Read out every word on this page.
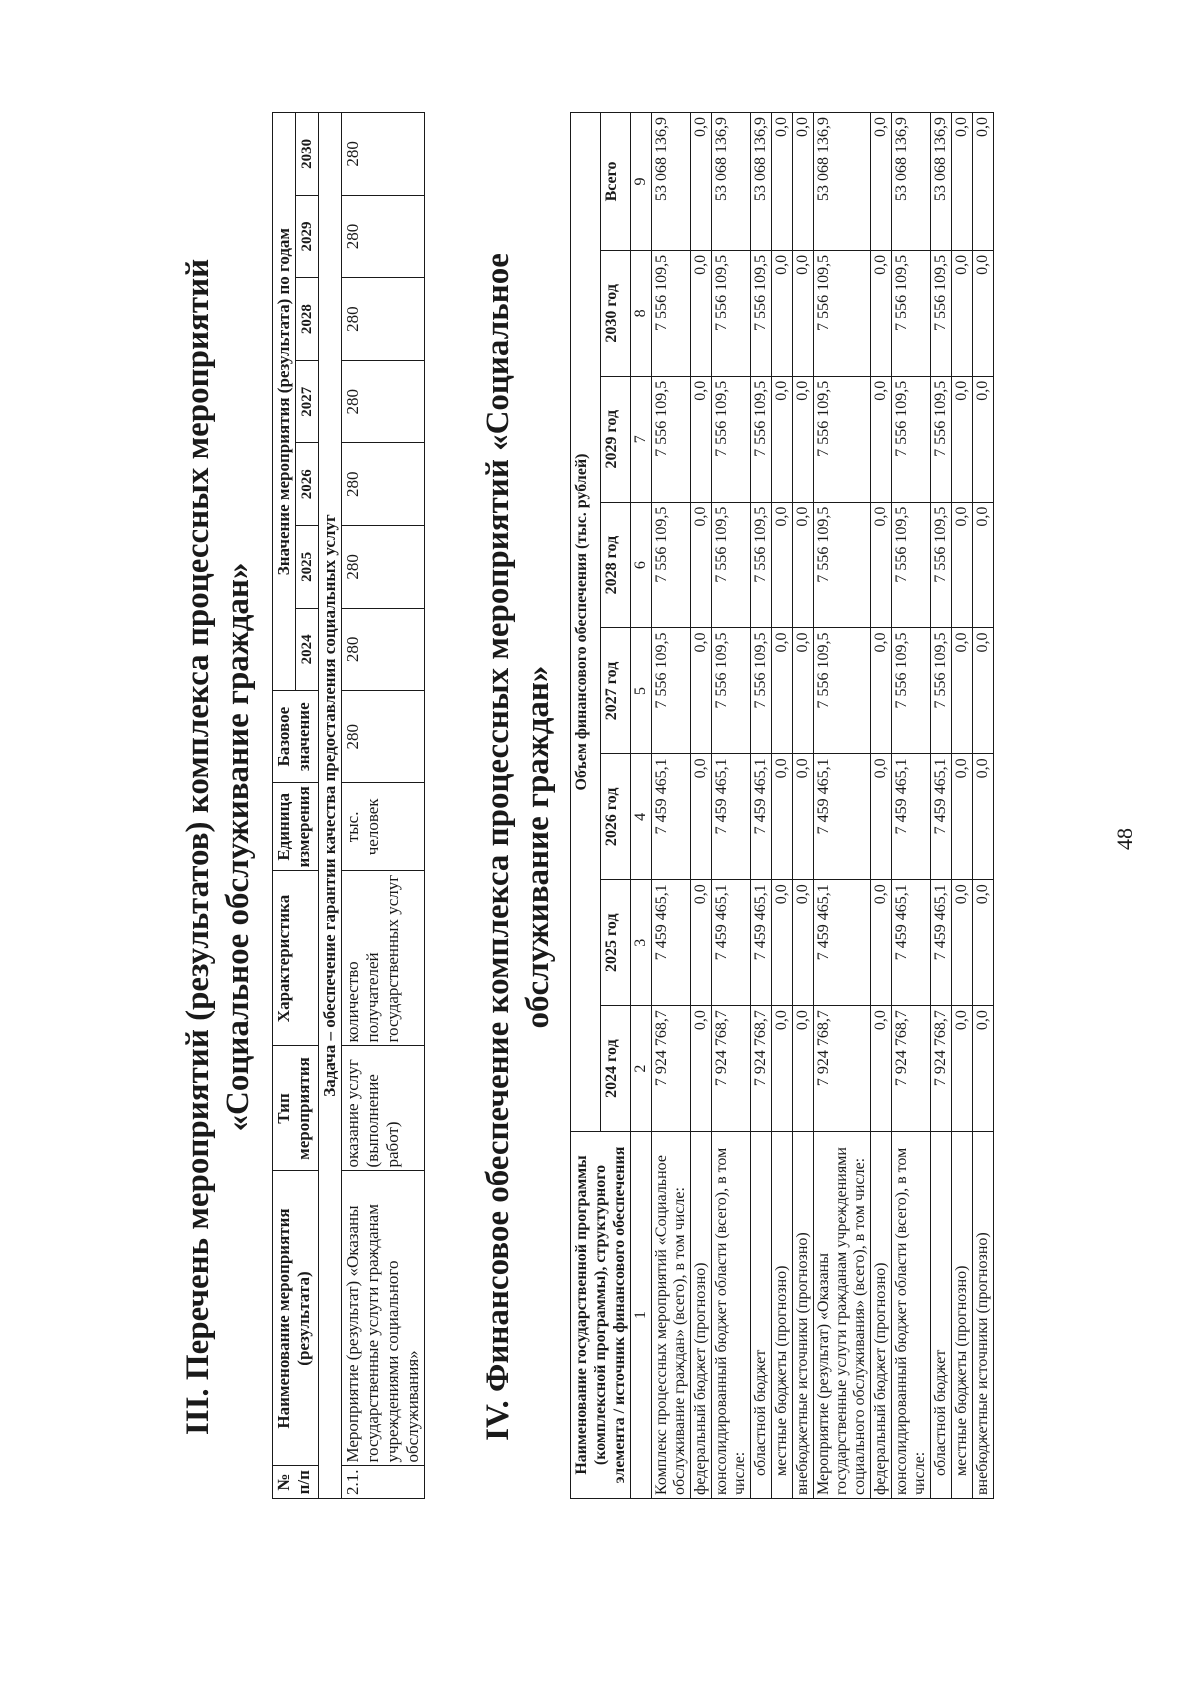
48
III. Перечень мероприятий (результатов) комплекса процессных мероприятий «Социальное обслуживание граждан»
№ п/п	Наименование мероприятия (результата)	Тип мероприятия	Характеристика	Единица измерения	Базовое значение	Значение мероприятия (результата) по годам						
						2024	2025	2026	2027	2028	2029	2030
Задача – обеспечение гарантии качества предоставления социальных услуг												
2.1.	Мероприятие (результат) «Оказаны государственные услуги гражданам учреждениями социального обслуживания»	оказание услуг (выполнение работ)	количество получателей государственных услуг	тыс. человек	280	280	280	280	280	280	280	280
IV. Финансовое обеспечение комплекса процессных мероприятий «Социальное обслуживание граждан»
Наименование государственной программы (комплексной программы), структурного элемента / источник финансового обеспечения	Объем финансового обеспечения (тыс. рублей)							
	2024 год	2025 год	2026 год	2027 год	2028 год	2029 год	2030 год	Всего
1	2	3	4	5	6	7	8	9
Комплекс процессных мероприятий «Социальное обслуживание граждан» (всего), в том числе:	7 924 768,7	7 459 465,1	7 459 465,1	7 556 109,5	7 556 109,5	7 556 109,5	7 556 109,5	53 068 136,9
федеральный бюджет (прогнозно)	0,0	0,0	0,0	0,0	0,0	0,0	0,0	0,0
консолидированный бюджет области (всего), в том числе:	7 924 768,7	7 459 465,1	7 459 465,1	7 556 109,5	7 556 109,5	7 556 109,5	7 556 109,5	53 068 136,9
областной бюджет	7 924 768,7	7 459 465,1	7 459 465,1	7 556 109,5	7 556 109,5	7 556 109,5	7 556 109,5	53 068 136,9
местные бюджеты (прогнозно)	0,0	0,0	0,0	0,0	0,0	0,0	0,0	0,0
внебюджетные источники (прогнозно)	0,0	0,0	0,0	0,0	0,0	0,0	0,0	0,0
Мероприятие (результат) «Оказаны государственные услуги гражданам учреждениями социального обслуживания» (всего), в том числе:	7 924 768,7	7 459 465,1	7 459 465,1	7 556 109,5	7 556 109,5	7 556 109,5	7 556 109,5	53 068 136,9
федеральный бюджет (прогнозно)	0,0	0,0	0,0	0,0	0,0	0,0	0,0	0,0
консолидированный бюджет области (всего), в том числе:	7 924 768,7	7 459 465,1	7 459 465,1	7 556 109,5	7 556 109,5	7 556 109,5	7 556 109,5	53 068 136,9
областной бюджет	7 924 768,7	7 459 465,1	7 459 465,1	7 556 109,5	7 556 109,5	7 556 109,5	7 556 109,5	53 068 136,9
местные бюджеты (прогнозно)	0,0	0,0	0,0	0,0	0,0	0,0	0,0	0,0
внебюджетные источники (прогнозно)	0,0	0,0	0,0	0,0	0,0	0,0	0,0	0,0
